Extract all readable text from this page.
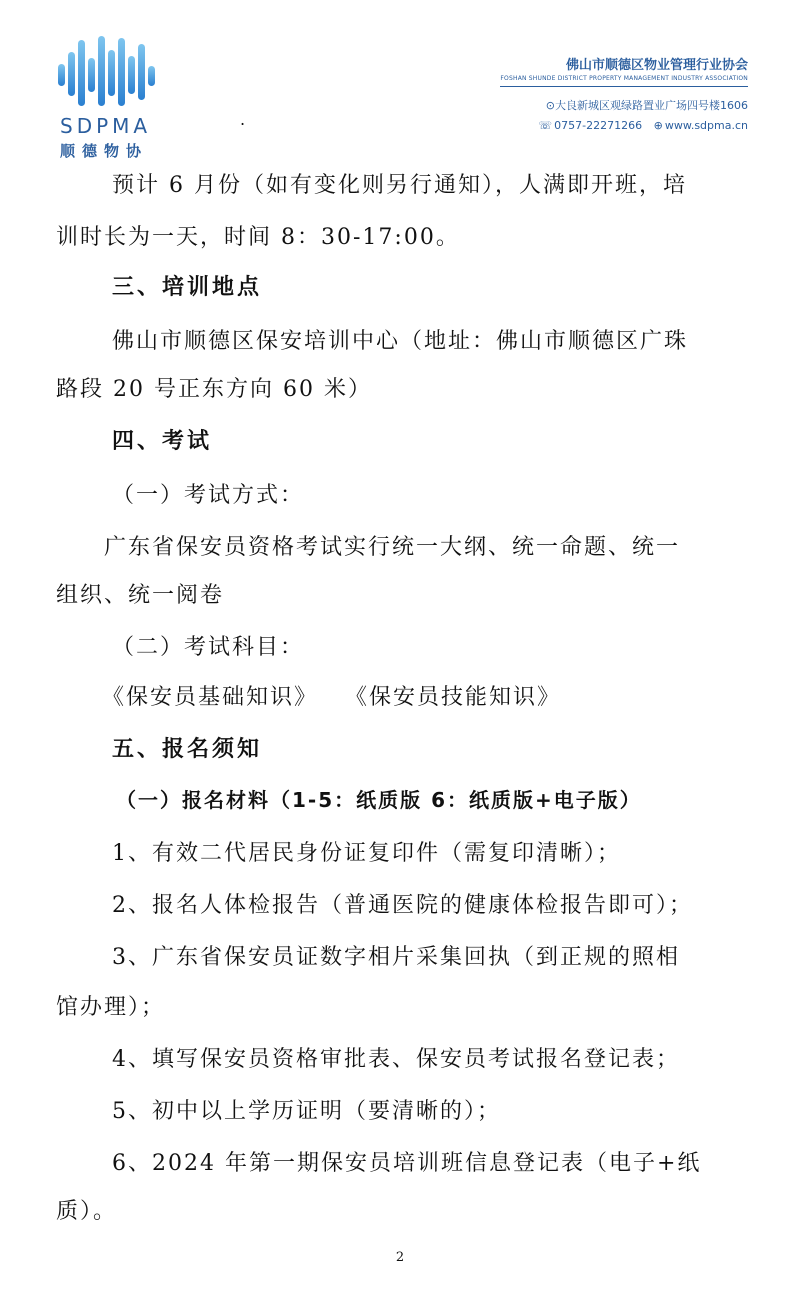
SDPMA
顺德物协
.
佛山市顺德区物业管理行业协会
FOSHAN SHUNDE DISTRICT PROPERTY MANAGEMENT INDUSTRY ASSOCIATION
⊙大良新城区观绿路置业广场四号楼1606
☏ 0757-22271266 ⊕ www.sdpma.cn
预计 6 月份（如有变化则另行通知），人满即开班，培
训时长为一天，时间 8：30-17:00。
三、培训地点
佛山市顺德区保安培训中心（地址：佛山市顺德区广珠
路段 20 号正东方向 60 米）
四、考试
（一）考试方式：
广东省保安员资格考试实行统一大纲、统一命题、统一
组织、统一阅卷
（二）考试科目：
《保安员基础知识》 《保安员技能知识》
五、报名须知
（一）报名材料（1-5：纸质版 6：纸质版+电子版）
1、有效二代居民身份证复印件（需复印清晰）；
2、报名人体检报告（普通医院的健康体检报告即可）；
3、广东省保安员证数字相片采集回执（到正规的照相
馆办理）；
4、填写保安员资格审批表、保安员考试报名登记表；
5、初中以上学历证明（要清晰的）；
6、2024 年第一期保安员培训班信息登记表（电子+纸
质）。
2
